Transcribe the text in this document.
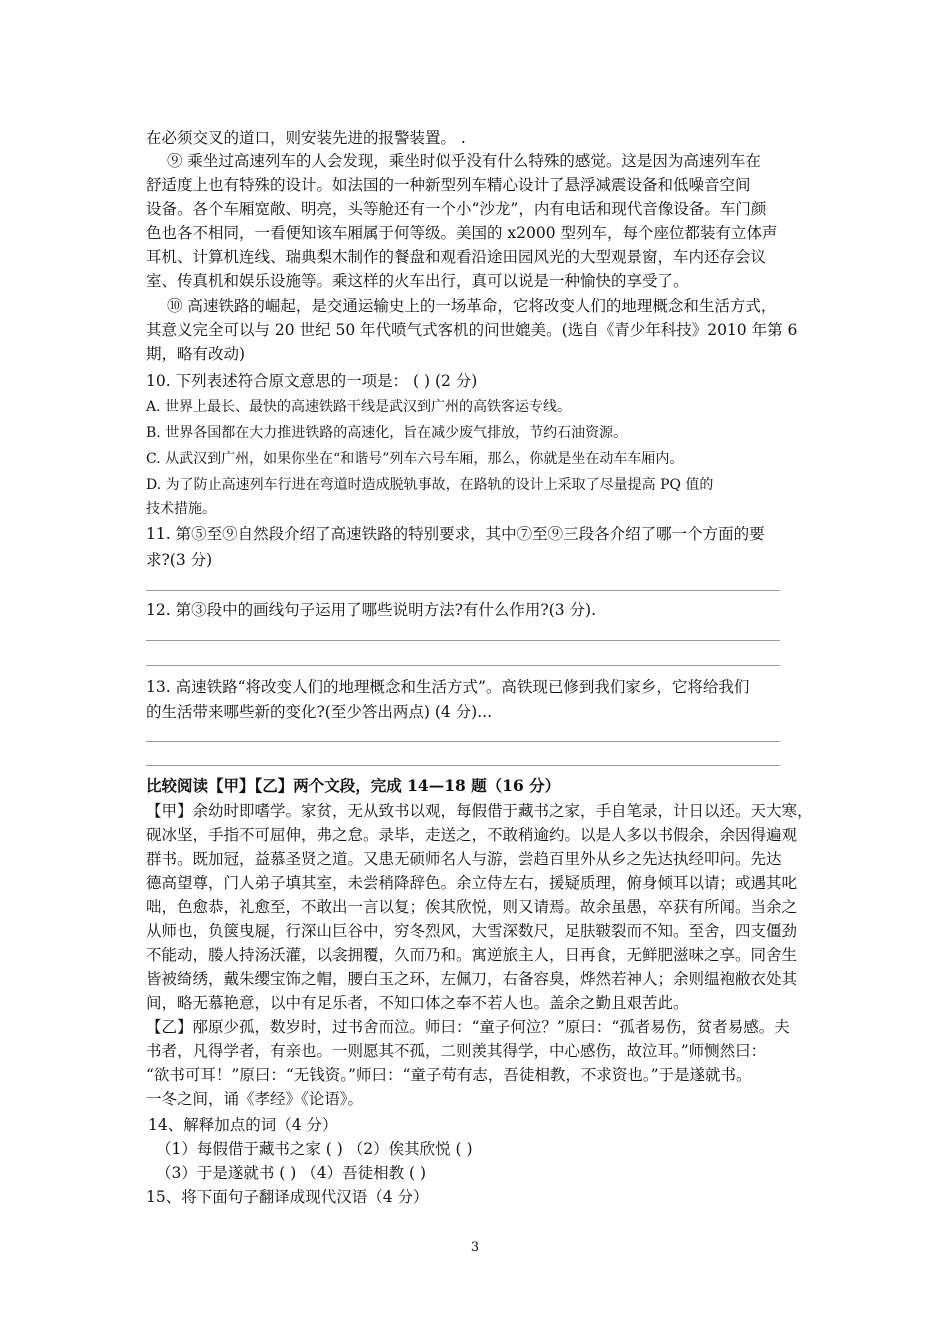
在必须交叉的道口，则安装先进的报警装置。 .
⑨ 乘坐过高速列车的人会发现，乘坐时似乎没有什么特殊的感觉。这是因为高速列车在
舒适度上也有特殊的设计。如法国的一种新型列车精心设计了悬浮减震设备和低噪音空间
设备。各个车厢宽敞、明亮，头等舱还有一个小“沙龙”，内有电话和现代音像设备。车门颜
色也各不相同，一看便知该车厢属于何等级。美国的 x2000 型列车，每个座位都装有立体声
耳机、计算机连线、瑞典梨木制作的餐盘和观看沿途田园风光的大型观景窗，车内还存会议
室、传真机和娱乐设施等。乘这样的火车出行，真可以说是一种愉快的享受了。
⑩ 高速铁路的崛起，是交通运输史上的一场革命，它将改变人们的地理概念和生活方式，
其意义完全可以与 20 世纪 50 年代喷气式客机的问世媲美。(选自《青少年科技》2010 年第 6
期，略有改动)
10. 下列表述符合原文意思的一项是： ( ) (2 分)
A. 世界上最长、最快的高速铁路干线是武汉到广州的高铁客运专线。
B. 世界各国都在大力推进铁路的高速化，旨在减少废气排放，节约石油资源。
C. 从武汉到广州，如果你坐在“和谐号”列车六号车厢，那么，你就是坐在动车车厢内。
D. 为了防止高速列车行进在弯道时造成脱轨事故，在路轨的设计上采取了尽量提高 PQ 值的
技术措施。
11. 第⑤至⑨自然段介绍了高速铁路的特别要求，其中⑦至⑨三段各介绍了哪一个方面的要
求?(3 分)
12. 第③段中的画线句子运用了哪些说明方法?有什么作用?(3 分).
13. 高速铁路“将改变人们的地理概念和生活方式”。高铁现已修到我们家乡，它将给我们
的生活带来哪些新的变化?(至少答出两点) (4 分)...
比较阅读【甲】【乙】两个文段，完成 14—18 题（16 分）
【甲】余幼时即嗜学。家贫，无从致书以观，每假借于藏书之家，手自笔录，计日以还。天大寒，
砚冰坚，手指不可屈伸，弗之怠。录毕，走送之，不敢稍逾约。以是人多以书假余，余因得遍观
群书。既加冠，益慕圣贤之道。又患无硕师名人与游，尝趋百里外从乡之先达执经叩问。先达
德高望尊，门人弟子填其室，未尝稍降辞色。余立侍左右，援疑质理，俯身倾耳以请；或遇其叱
咄，色愈恭，礼愈至，不敢出一言以复；俟其欣悦，则又请焉。故余虽愚，卒获有所闻。当余之
从师也，负箧曳屣，行深山巨谷中，穷冬烈风，大雪深数尺，足肤皲裂而不知。至舍，四支僵劲
不能动，媵人持汤沃灌，以衾拥覆，久而乃和。寓逆旅主人，日再食，无鲜肥滋味之享。同舍生
皆被绮绣，戴朱缨宝饰之帽，腰白玉之环，左佩刀，右备容臭，烨然若神人；余则缊袍敝衣处其
间，略无慕艳意，以中有足乐者，不知口体之奉不若人也。盖余之勤且艰苦此。
【乙】邴原少孤，数岁时，过书舍而泣。师曰：“童子何泣？”原曰：“孤者易伤，贫者易感。夫
书者，凡得学者，有亲也。一则愿其不孤，二则羡其得学，中心感伤，故泣耳。”师恻然曰：
“欲书可耳！”原曰：“无钱资。”师曰：“童子苟有志，吾徒相教，不求资也。”于是遂就书。
一冬之间，诵《孝经》《论语》。
14、解释加点的词（4 分）
（1）每假借于藏书之家 ( ) （2）俟其欣悦 ( )
（3）于是遂就书 ( ) （4）吾徒相教 ( )
15、将下面句子翻译成现代汉语（4 分）
3
